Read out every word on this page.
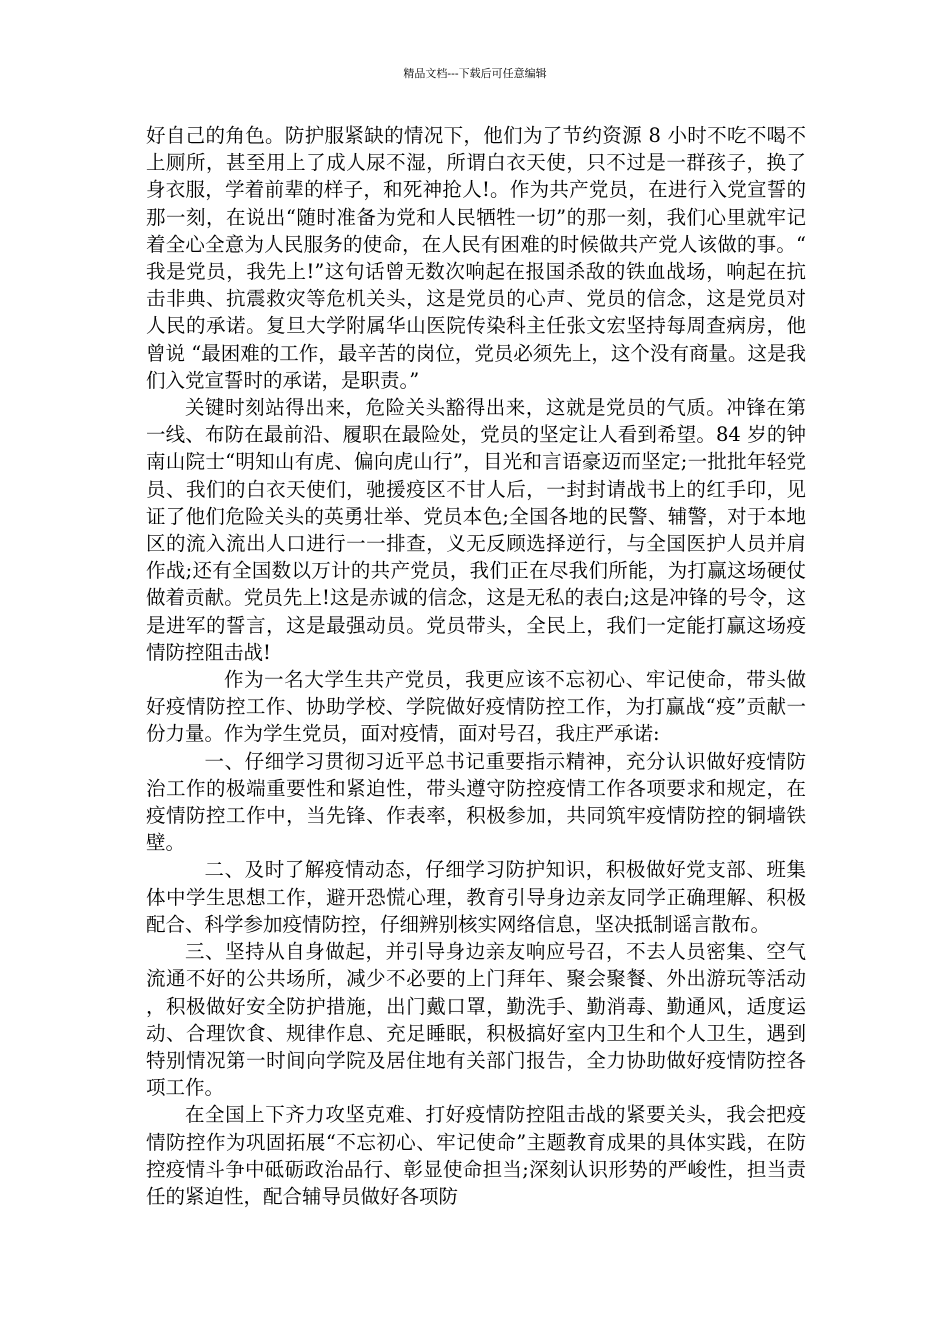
精品文档---下载后可任意编辑

好自己的角色。防护服紧缺的情况下，他们为了节约资源 8 小时不吃不喝不上厕所，甚至用上了成人尿不湿，所谓白衣天使，只不过是一群孩子，换了身衣服，学着前辈的样子，和死神抢人!。作为共产党员，在进行入党宣誓的那一刻，在说出“随时准备为党和人民牺牲一切”的那一刻，我们心里就牢记着全心全意为人民服务的使命，在人民有困难的时候做共产党人该做的事。“我是党员，我先上!”这句话曾无数次响起在报国杀敌的铁血战场，响起在抗击非典、抗震救灾等危机关头，这是党员的心声、党员的信念，这是党员对人民的承诺。复旦大学附属华山医院传染科主任张文宏坚持每周查病房，他曾说 “最困难的工作，最辛苦的岗位，党员必须先上，这个没有商量。这是我们入党宣誓时的承诺，是职责。”

关键时刻站得出来，危险关头豁得出来，这就是党员的气质。冲锋在第一线、布防在最前沿、履职在最险处，党员的坚定让人看到希望。84 岁的钟南山院士“明知山有虎、偏向虎山行”，目光和言语豪迈而坚定;一批批年轻党员、我们的白衣天使们，驰援疫区不甘人后，一封封请战书上的红手印，见证了他们危险关头的英勇壮举、党员本色;全国各地的民警、辅警，对于本地区的流入流出人口进行一一排查，义无反顾选择逆行，与全国医护人员并肩作战;还有全国数以万计的共产党员，我们正在尽我们所能，为打赢这场硬仗做着贡献。党员先上!这是赤诚的信念，这是无私的表白;这是冲锋的号令，这是进军的誓言，这是最强动员。党员带头，全民上，我们一定能打赢这场疫情防控阻击战!

作为一名大学生共产党员，我更应该不忘初心、牢记使命，带头做好疫情防控工作、协助学校、学院做好疫情防控工作，为打赢战“疫”贡献一份力量。作为学生党员，面对疫情，面对号召，我庄严承诺:

一、仔细学习贯彻习近平总书记重要指示精神，充分认识做好疫情防治工作的极端重要性和紧迫性，带头遵守防控疫情工作各项要求和规定，在疫情防控工作中，当先锋、作表率，积极参加，共同筑牢疫情防控的铜墙铁壁。

二、及时了解疫情动态，仔细学习防护知识，积极做好党支部、班集体中学生思想工作，避开恐慌心理，教育引导身边亲友同学正确理解、积极配合、科学参加疫情防控，仔细辨别核实网络信息，坚决抵制谣言散布。

三、坚持从自身做起，并引导身边亲友响应号召，不去人员密集、空气流通不好的公共场所，减少不必要的上门拜年、聚会聚餐、外出游玩等活动，积极做好安全防护措施，出门戴口罩，勤洗手、勤消毒、勤通风，适度运动、合理饮食、规律作息、充足睡眠，积极搞好室内卫生和个人卫生，遇到特别情况第一时间向学院及居住地有关部门报告，全力协助做好疫情防控各项工作。

在全国上下齐力攻坚克难、打好疫情防控阻击战的紧要关头，我会把疫情防控作为巩固拓展“不忘初心、牢记使命”主题教育成果的具体实践，在防控疫情斗争中砥砺政治品行、彰显使命担当;深刻认识形势的严峻性，担当责任的紧迫性，配合辅导员做好各项防
